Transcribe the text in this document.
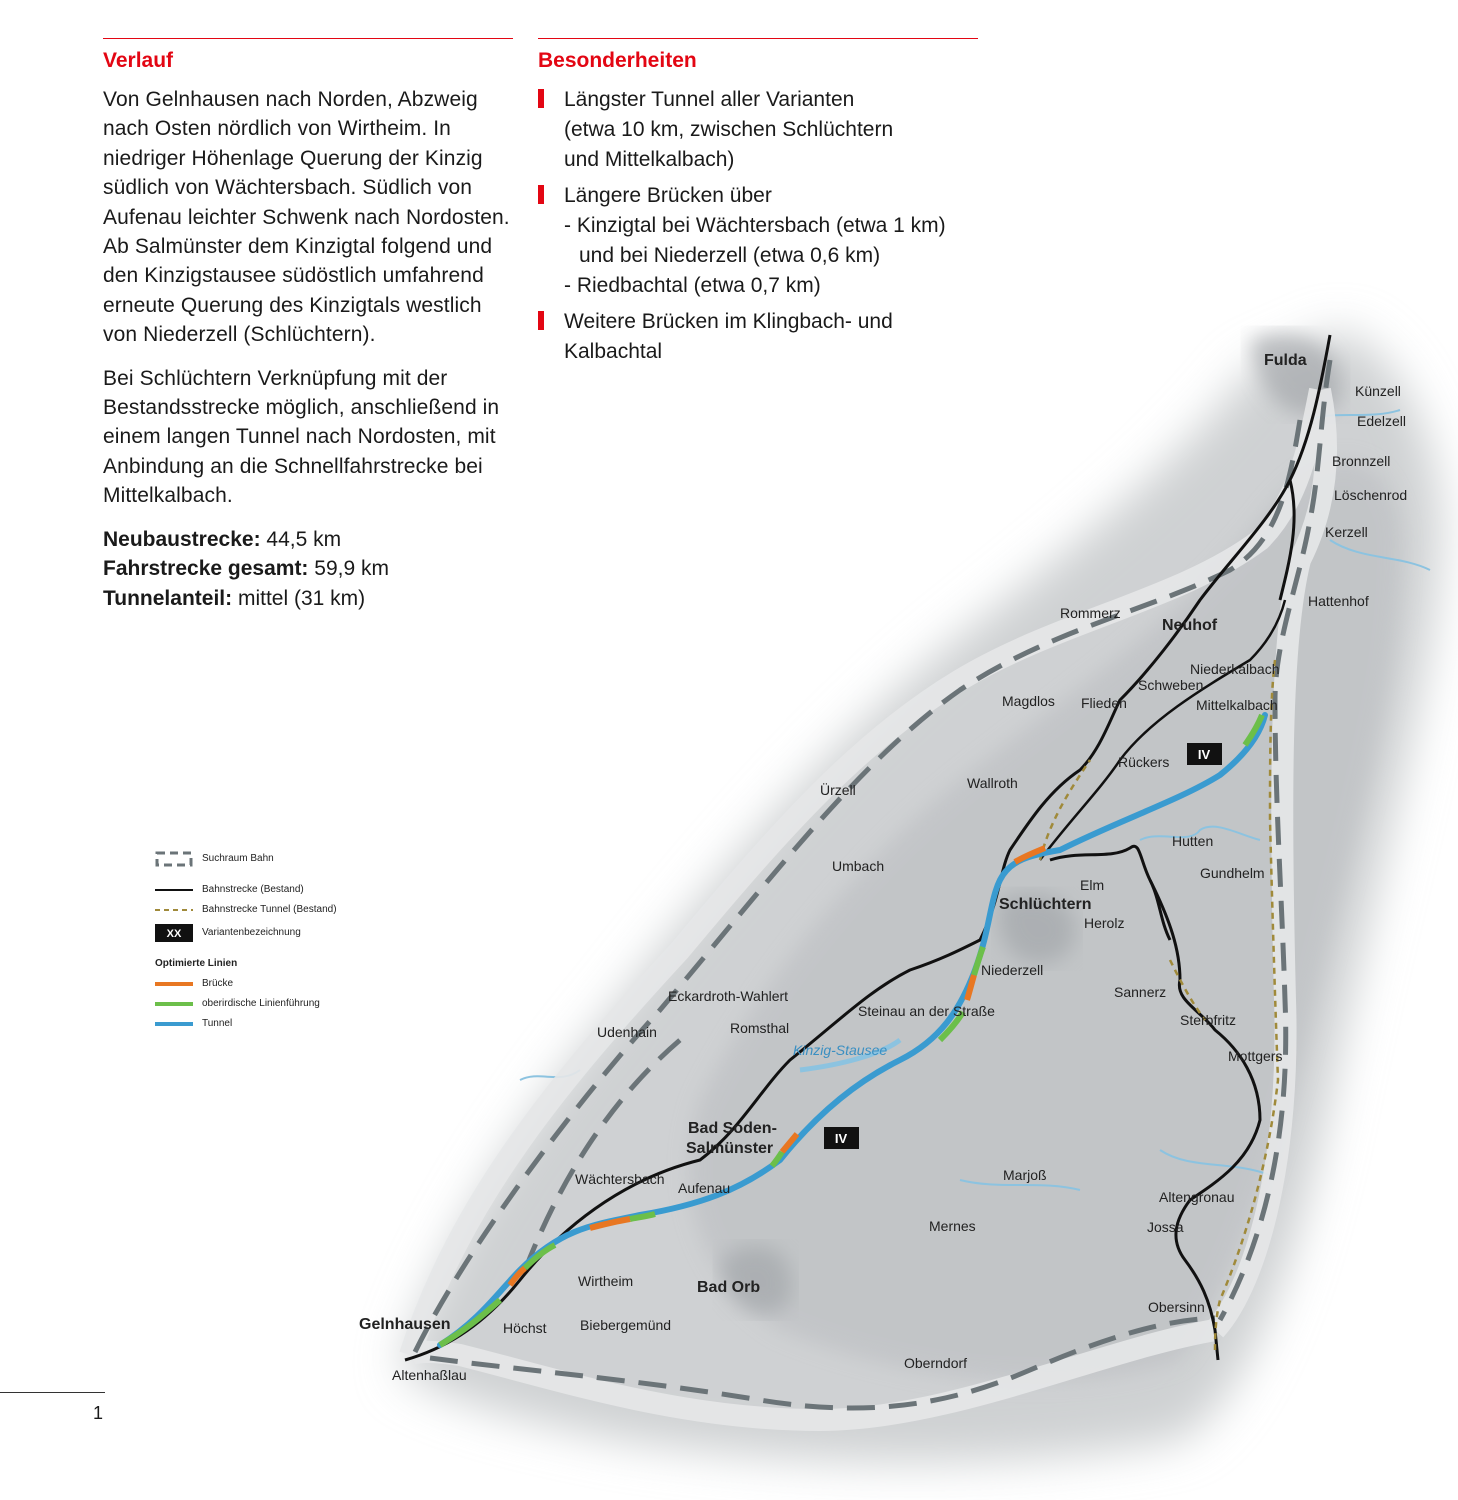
IV
IV
Fulda
Künzell
Edelzell
Bronnzell
Löschenrod
Kerzell
Hattenhof
Rommerz
Neuhof
Niederkalbach
Schweben
Magdlos Flieden	Mittelkalbach
Rückers
Wallroth
Ürzell
Hutten
Gundhelm
Umbach
Elm
Schlüchtern
Herolz
Niederzell
Sannerz
Eckardroth-Wahlert
Steinau an der Straße
Sterbfritz
Udenhain	Romsthal
Kinzig-Stausee	Mottgers
Bad Soden-
Salmünster
Marjoß
Wächtersbach
Aufenau
Altengronau
Mernes	Jossa
Wirtheim	Bad Orb
Obersinn
Gelnhausen	Höchst Biebergemünd
Oberndorf
Altenhaßlau
Verlauf

Von Gelnhausen nach Norden, Abzweig nach Osten nördlich von Wirtheim. In niedriger Höhenlage Querung der Kinzig südlich von Wächtersbach. Südlich von Aufenau leichter Schwenk nach Nordosten. Ab Salmünster dem Kinzigtal folgend und den Kinzigstausee südöstlich umfahrend erneute Querung des Kinzigtals westlich von Niederzell (Schlüchtern).

Bei Schlüchtern Verknüpfung mit der Bestandsstrecke möglich, anschließend in einem langen Tunnel nach Nordosten, mit Anbindung an die Schnellfahrstrecke bei Mittelkalbach.

Neubaustrecke: 44,5 km
Fahrstrecke gesamt: 59,9 km
Tunnelanteil: mittel (31 km)
Besonderheiten
Längster Tunnel aller Varianten
(etwa 10 km, zwischen Schlüchtern
und Mittelkalbach)
Längere Brücken über
- Kinzigtal bei Wächtersbach (etwa 1 km)
und bei Niederzell (etwa 0,6 km)
- Riedbachtal (etwa 0,7 km)
Weitere Brücken im Klingbach- und
Kalbachtal
Suchraum Bahn
Bahnstrecke (Bestand)
Bahnstrecke Tunnel (Bestand)
XX Variantenbezeichnung
Optimierte Linien
Brücke
oberirdische Linienführung
Tunnel
1
